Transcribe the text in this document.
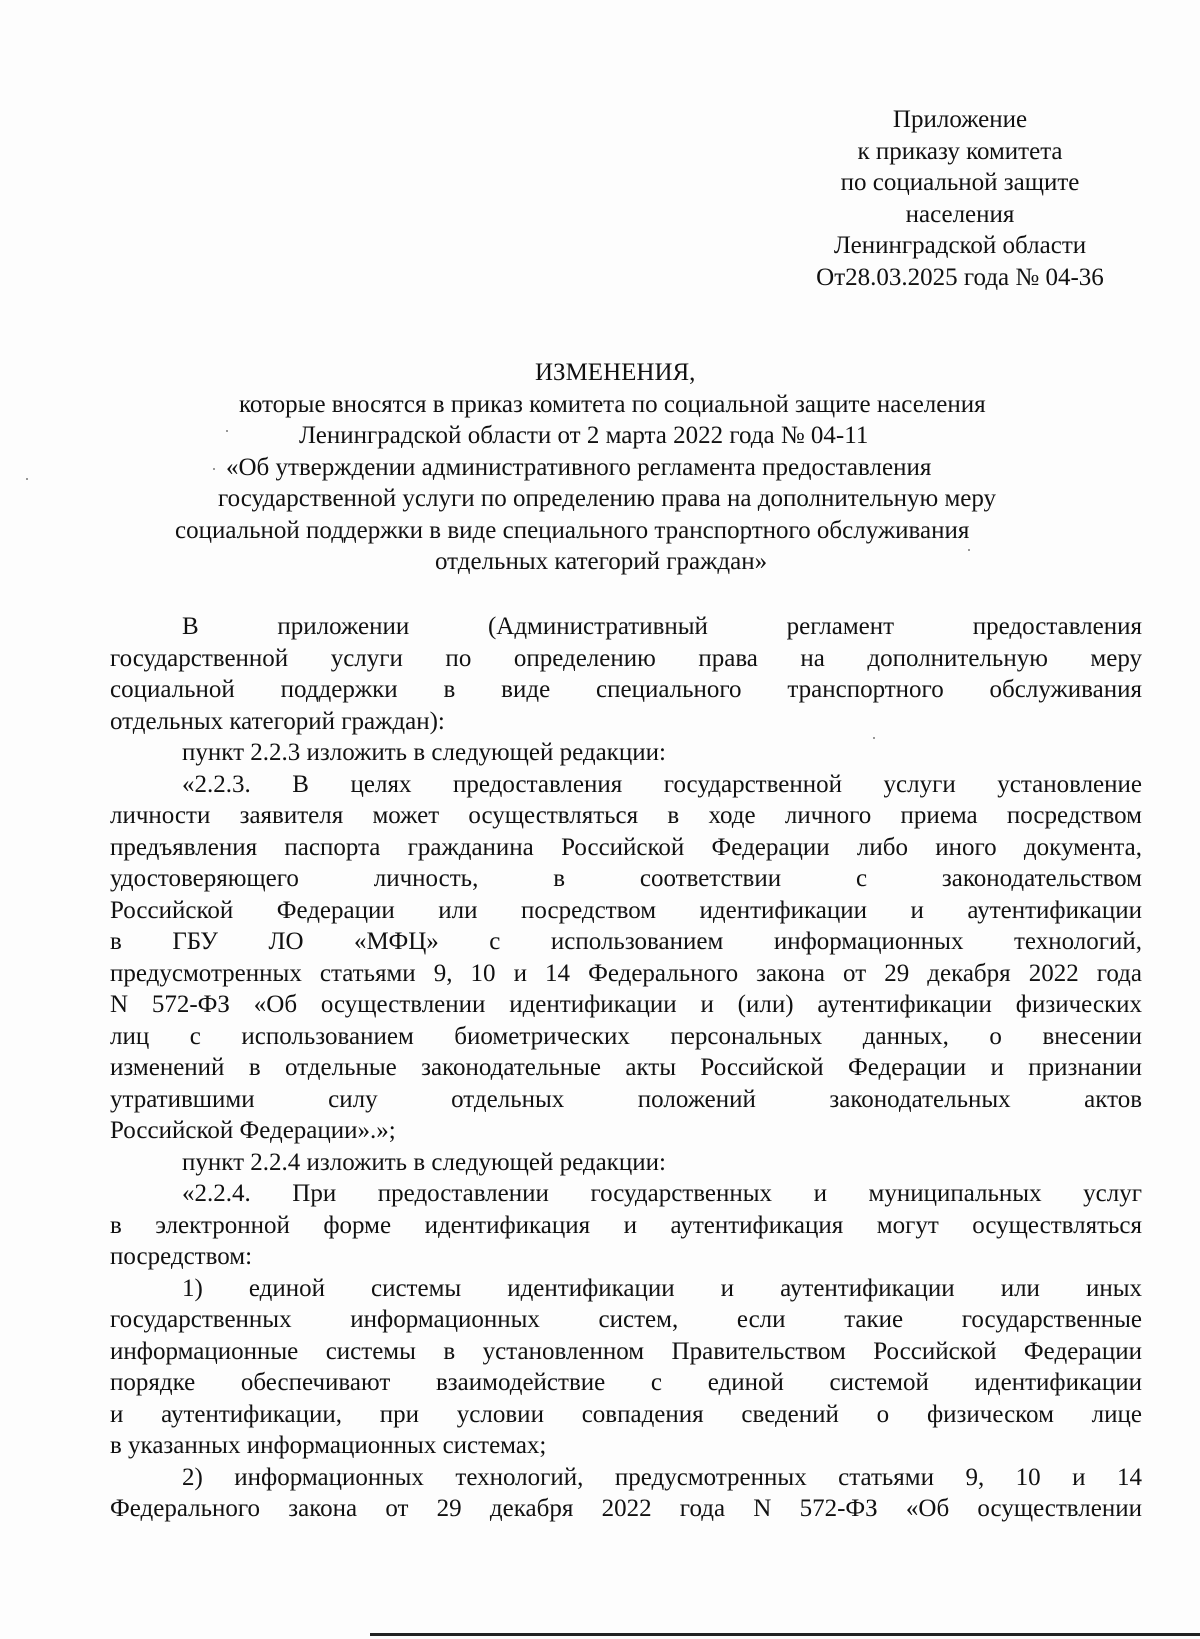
Приложение
к приказу комитета
по социальной защите
населения
Ленинградской области
От28.03.2025 года № 04-36
ИЗМЕНЕНИЯ,
которые вносятся в приказ комитета по социальной защите населения
Ленинградской области от 2 марта 2022 года № 04-11
«Об утверждении административного регламента предоставления
государственной услуги по определению права на дополнительную меру
социальной поддержки в виде специального транспортного обслуживания
отдельных категорий граждан»
В приложении (Административный регламент предоставления
государственной услуги по определению права на дополнительную меру
социальной поддержки в виде специального транспортного обслуживания
отдельных категорий граждан):
пункт 2.2.3 изложить в следующей редакции:
«2.2.3. В целях предоставления государственной услуги установление
личности заявителя может осуществляться в ходе личного приема посредством
предъявления паспорта гражданина Российской Федерации либо иного документа,
удостоверяющего личность, в соответствии с законодательством
Российской Федерации или посредством идентификации и аутентификации
в ГБУ ЛО «МФЦ» с использованием информационных технологий,
предусмотренных статьями 9, 10 и 14 Федерального закона от 29 декабря 2022 года
N 572-ФЗ «Об осуществлении идентификации и (или) аутентификации физических
лиц с использованием биометрических персональных данных, о внесении
изменений в отдельные законодательные акты Российской Федерации и признании
утратившими силу отдельных положений законодательных актов
Российской Федерации».»;
пункт 2.2.4 изложить в следующей редакции:
«2.2.4. При предоставлении государственных и муниципальных услуг
в электронной форме идентификация и аутентификация могут осуществляться
посредством:
1) единой системы идентификации и аутентификации или иных
государственных информационных систем, если такие государственные
информационные системы в установленном Правительством Российской Федерации
порядке обеспечивают взаимодействие с единой системой идентификации
и аутентификации, при условии совпадения сведений о физическом лице
в указанных информационных системах;
2) информационных технологий, предусмотренных статьями 9, 10 и 14
Федерального закона от 29 декабря 2022 года N 572-ФЗ «Об осуществлении
